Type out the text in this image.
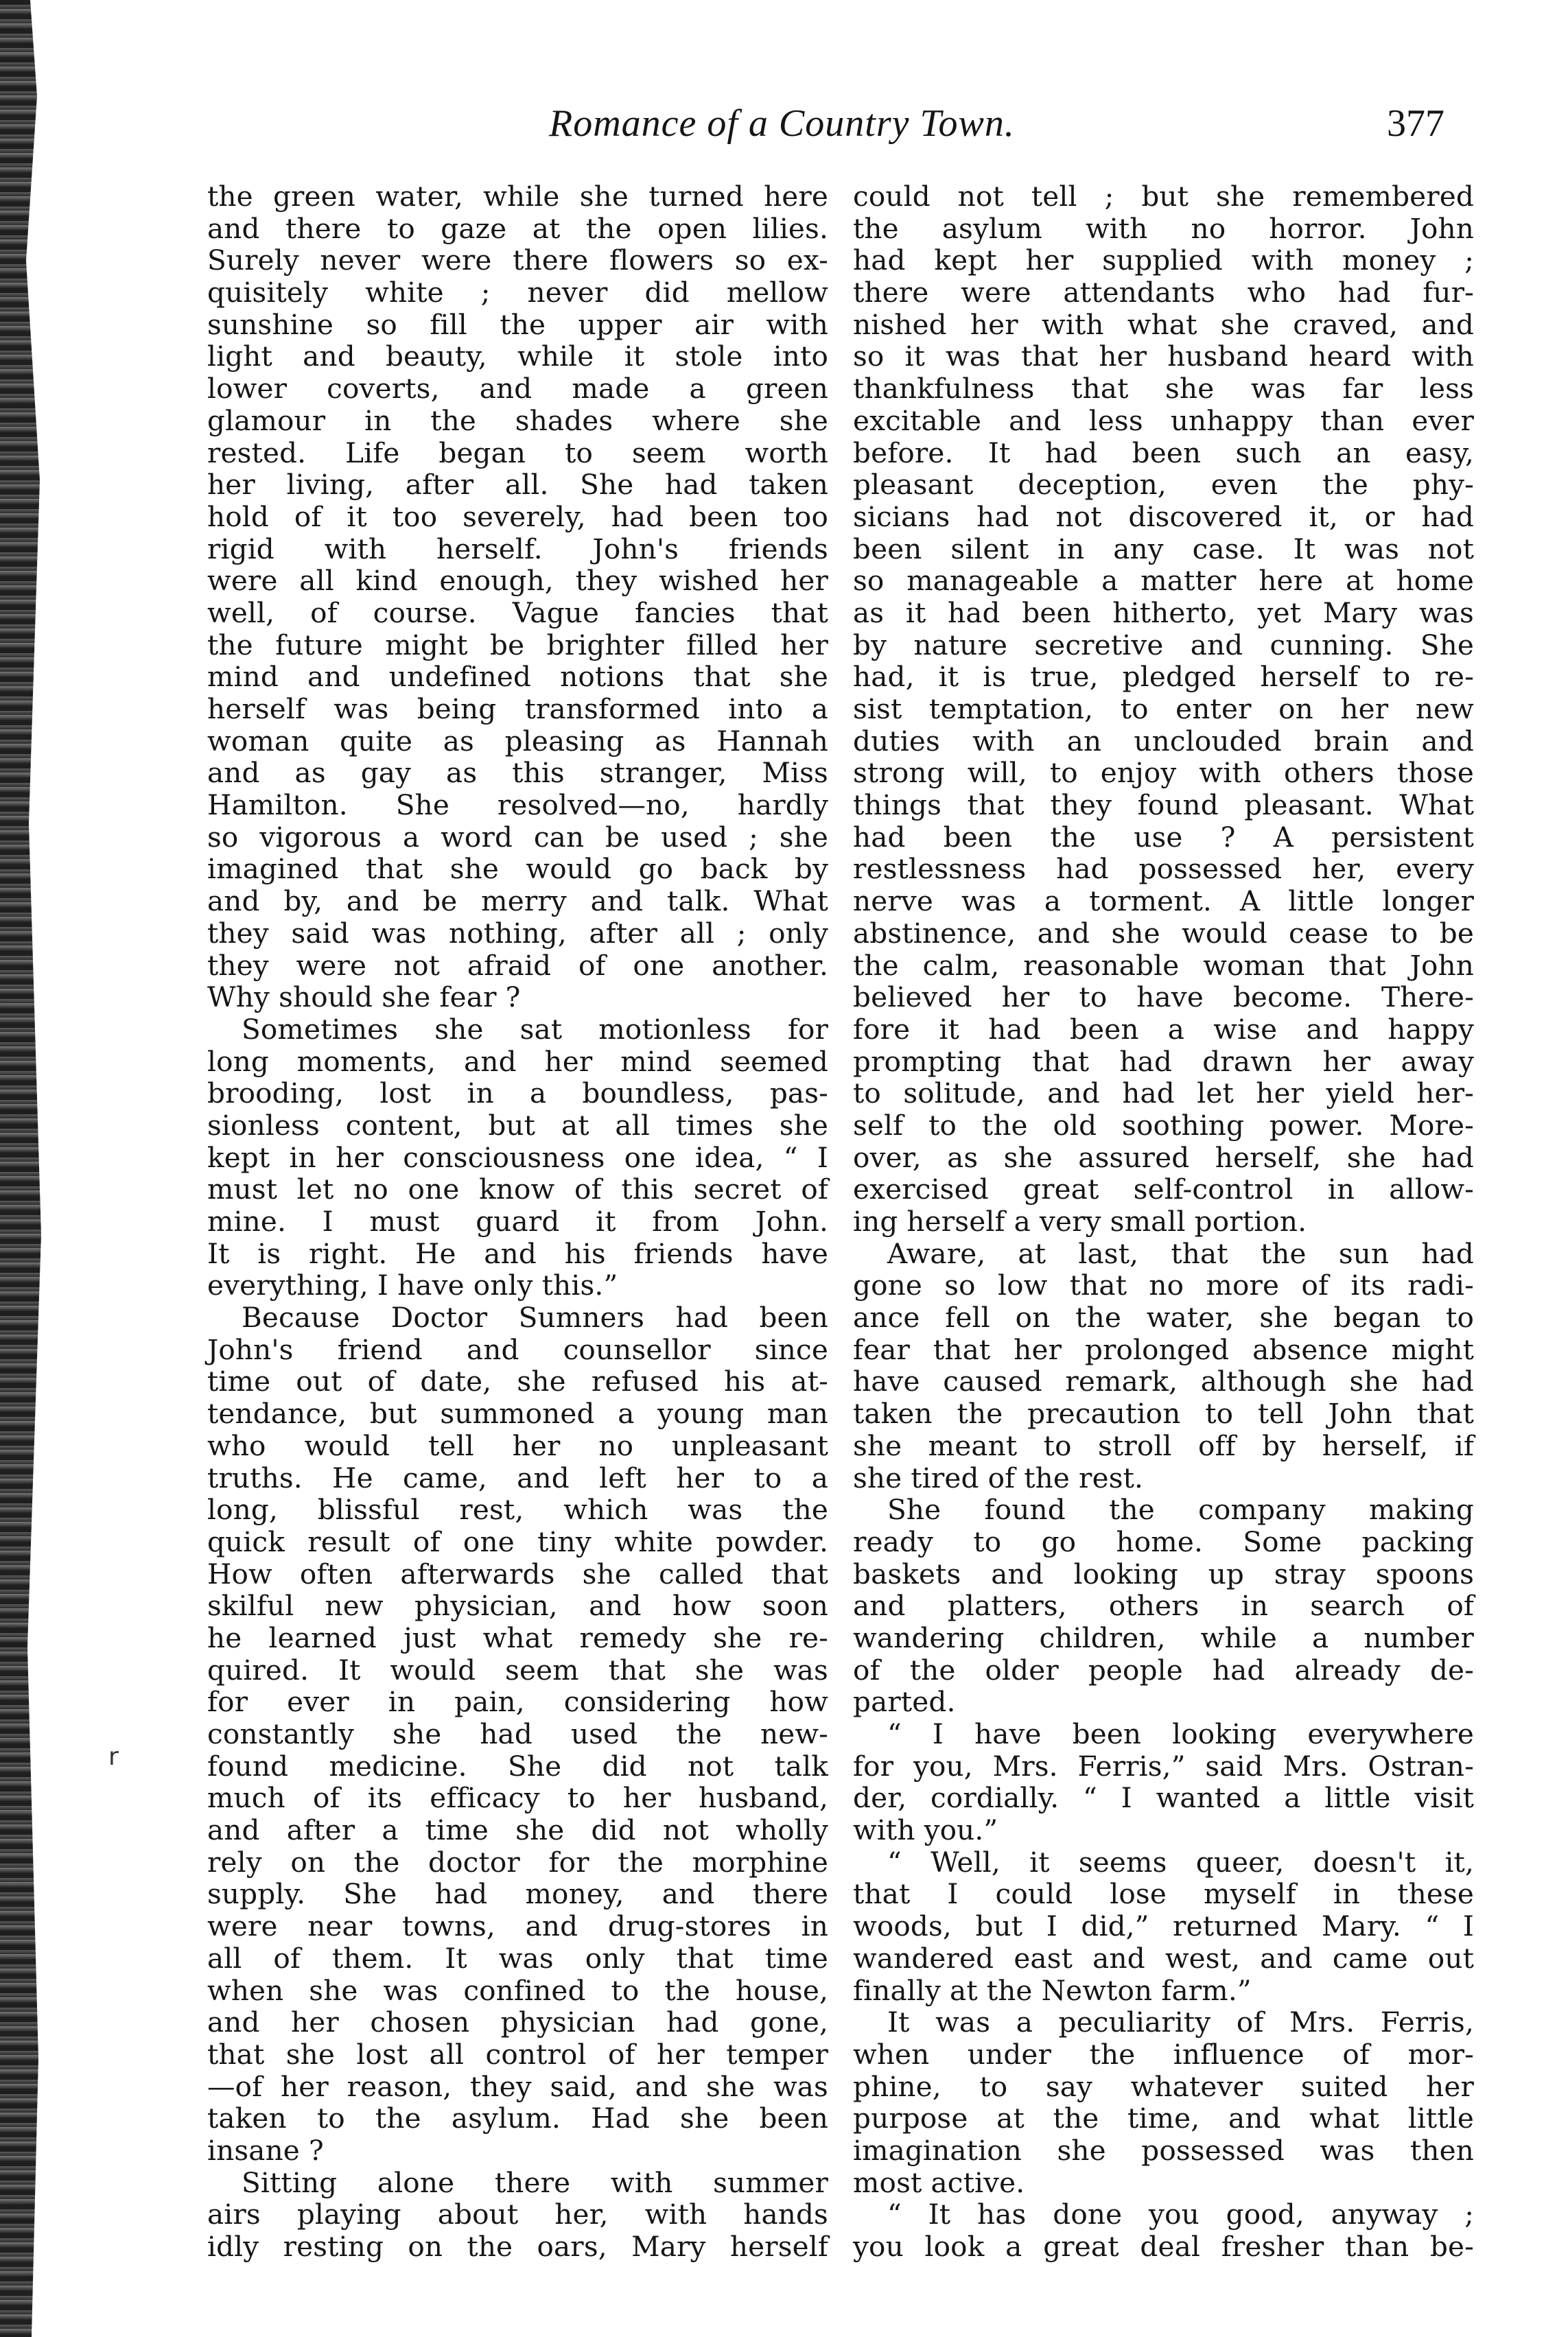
Romance of a Country Town.	377
r
the green water, while she turned here
and there to gaze at the open lilies.
Surely never were there flowers so ex-
quisitely white ; never did mellow
sunshine so fill the upper air with
light and beauty, while it stole into
lower coverts, and made a green
glamour in the shades where she
rested. Life began to seem worth
her living, after all. She had taken
hold of it too severely, had been too
rigid with herself. John's friends
were all kind enough, they wished her
well, of course. Vague fancies that
the future might be brighter filled her
mind and undefined notions that she
herself was being transformed into a
woman quite as pleasing as Hannah
and as gay as this stranger, Miss
Hamilton. She resolved—no, hardly
so vigorous a word can be used ; she
imagined that she would go back by
and by, and be merry and talk. What
they said was nothing, after all ; only
they were not afraid of one another.
Why should she fear ?
Sometimes she sat motionless for
long moments, and her mind seemed
brooding, lost in a boundless, pas-
sionless content, but at all times she
kept in her consciousness one idea, “ I
must let no one know of this secret of
mine. I must guard it from John.
It is right. He and his friends have
everything, I have only this.”
Because Doctor Sumners had been
John's friend and counsellor since
time out of date, she refused his at-
tendance, but summoned a young man
who would tell her no unpleasant
truths. He came, and left her to a
long, blissful rest, which was the
quick result of one tiny white powder.
How often afterwards she called that
skilful new physician, and how soon
he learned just what remedy she re-
quired. It would seem that she was
for ever in pain, considering how
constantly she had used the new-
found medicine. She did not talk
much of its efficacy to her husband,
and after a time she did not wholly
rely on the doctor for the morphine
supply. She had money, and there
were near towns, and drug-stores in
all of them. It was only that time
when she was confined to the house,
and her chosen physician had gone,
that she lost all control of her temper
—of her reason, they said, and she was
taken to the asylum. Had she been
insane ?
Sitting alone there with summer
airs playing about her, with hands
idly resting on the oars, Mary herself
could not tell ; but she remembered
the asylum with no horror. John
had kept her supplied with money ;
there were attendants who had fur-
nished her with what she craved, and
so it was that her husband heard with
thankfulness that she was far less
excitable and less unhappy than ever
before. It had been such an easy,
pleasant deception, even the phy-
sicians had not discovered it, or had
been silent in any case. It was not
so manageable a matter here at home
as it had been hitherto, yet Mary was
by nature secretive and cunning. She
had, it is true, pledged herself to re-
sist temptation, to enter on her new
duties with an unclouded brain and
strong will, to enjoy with others those
things that they found pleasant. What
had been the use ? A persistent
restlessness had possessed her, every
nerve was a torment. A little longer
abstinence, and she would cease to be
the calm, reasonable woman that John
believed her to have become. There-
fore it had been a wise and happy
prompting that had drawn her away
to solitude, and had let her yield her-
self to the old soothing power. More-
over, as she assured herself, she had
exercised great self-control in allow-
ing herself a very small portion.
Aware, at last, that the sun had
gone so low that no more of its radi-
ance fell on the water, she began to
fear that her prolonged absence might
have caused remark, although she had
taken the precaution to tell John that
she meant to stroll off by herself, if
she tired of the rest.
She found the company making
ready to go home. Some packing
baskets and looking up stray spoons
and platters, others in search of
wandering children, while a number
of the older people had already de-
parted.
“ I have been looking everywhere
for you, Mrs. Ferris,” said Mrs. Ostran-
der, cordially. “ I wanted a little visit
with you.”
“ Well, it seems queer, doesn't it,
that I could lose myself in these
woods, but I did,” returned Mary. “ I
wandered east and west, and came out
finally at the Newton farm.”
It was a peculiarity of Mrs. Ferris,
when under the influence of mor-
phine, to say whatever suited her
purpose at the time, and what little
imagination she possessed was then
most active.
“ It has done you good, anyway ;
you look a great deal fresher than be-
